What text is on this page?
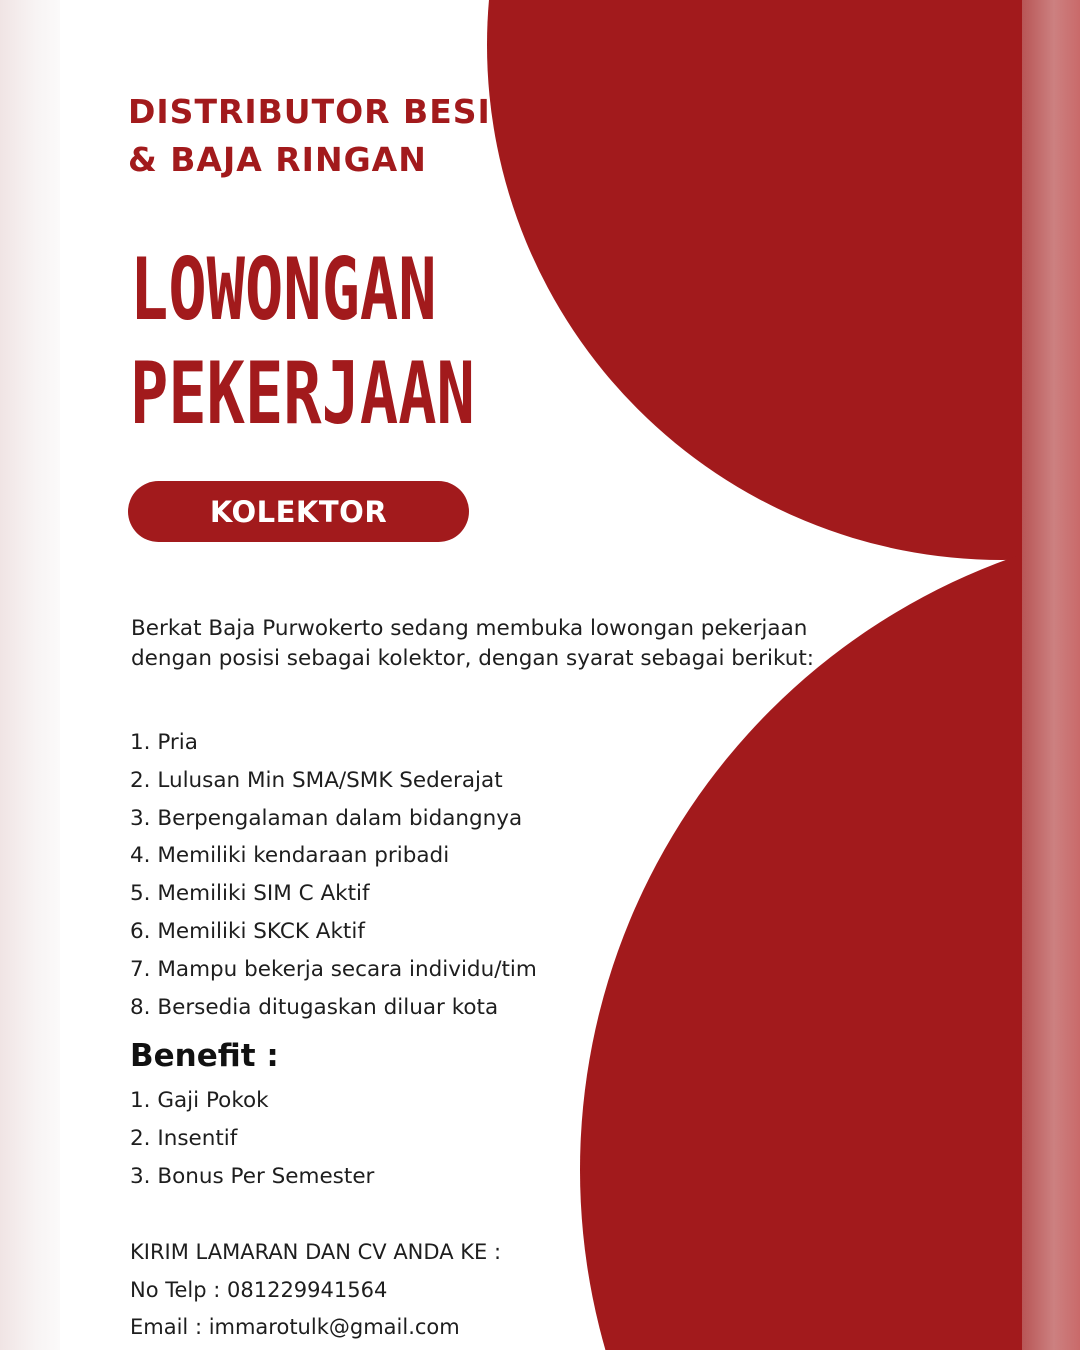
DISTRIBUTOR BESI
& BAJA RINGAN
LOWONGAN
PEKERJAAN
KOLEKTOR

Berkat Baja Purwokerto sedang membuka lowongan pekerjaan dengan posisi sebagai kolektor, dengan syarat sebagai berikut:

1. Pria
2. Lulusan Min SMA/SMK Sederajat
3. Berpengalaman dalam bidangnya
4. Memiliki kendaraan pribadi
5. Memiliki SIM C Aktif
6. Memiliki SKCK Aktif
7. Mampu bekerja secara individu/tim
8. Bersedia ditugaskan diluar kota
Benefit :
1. Gaji Pokok
2. Insentif
3. Bonus Per Semester
KIRIM LAMARAN DAN CV ANDA KE :
No Telp : 081229941564
Email : immarotulk@gmail.com
